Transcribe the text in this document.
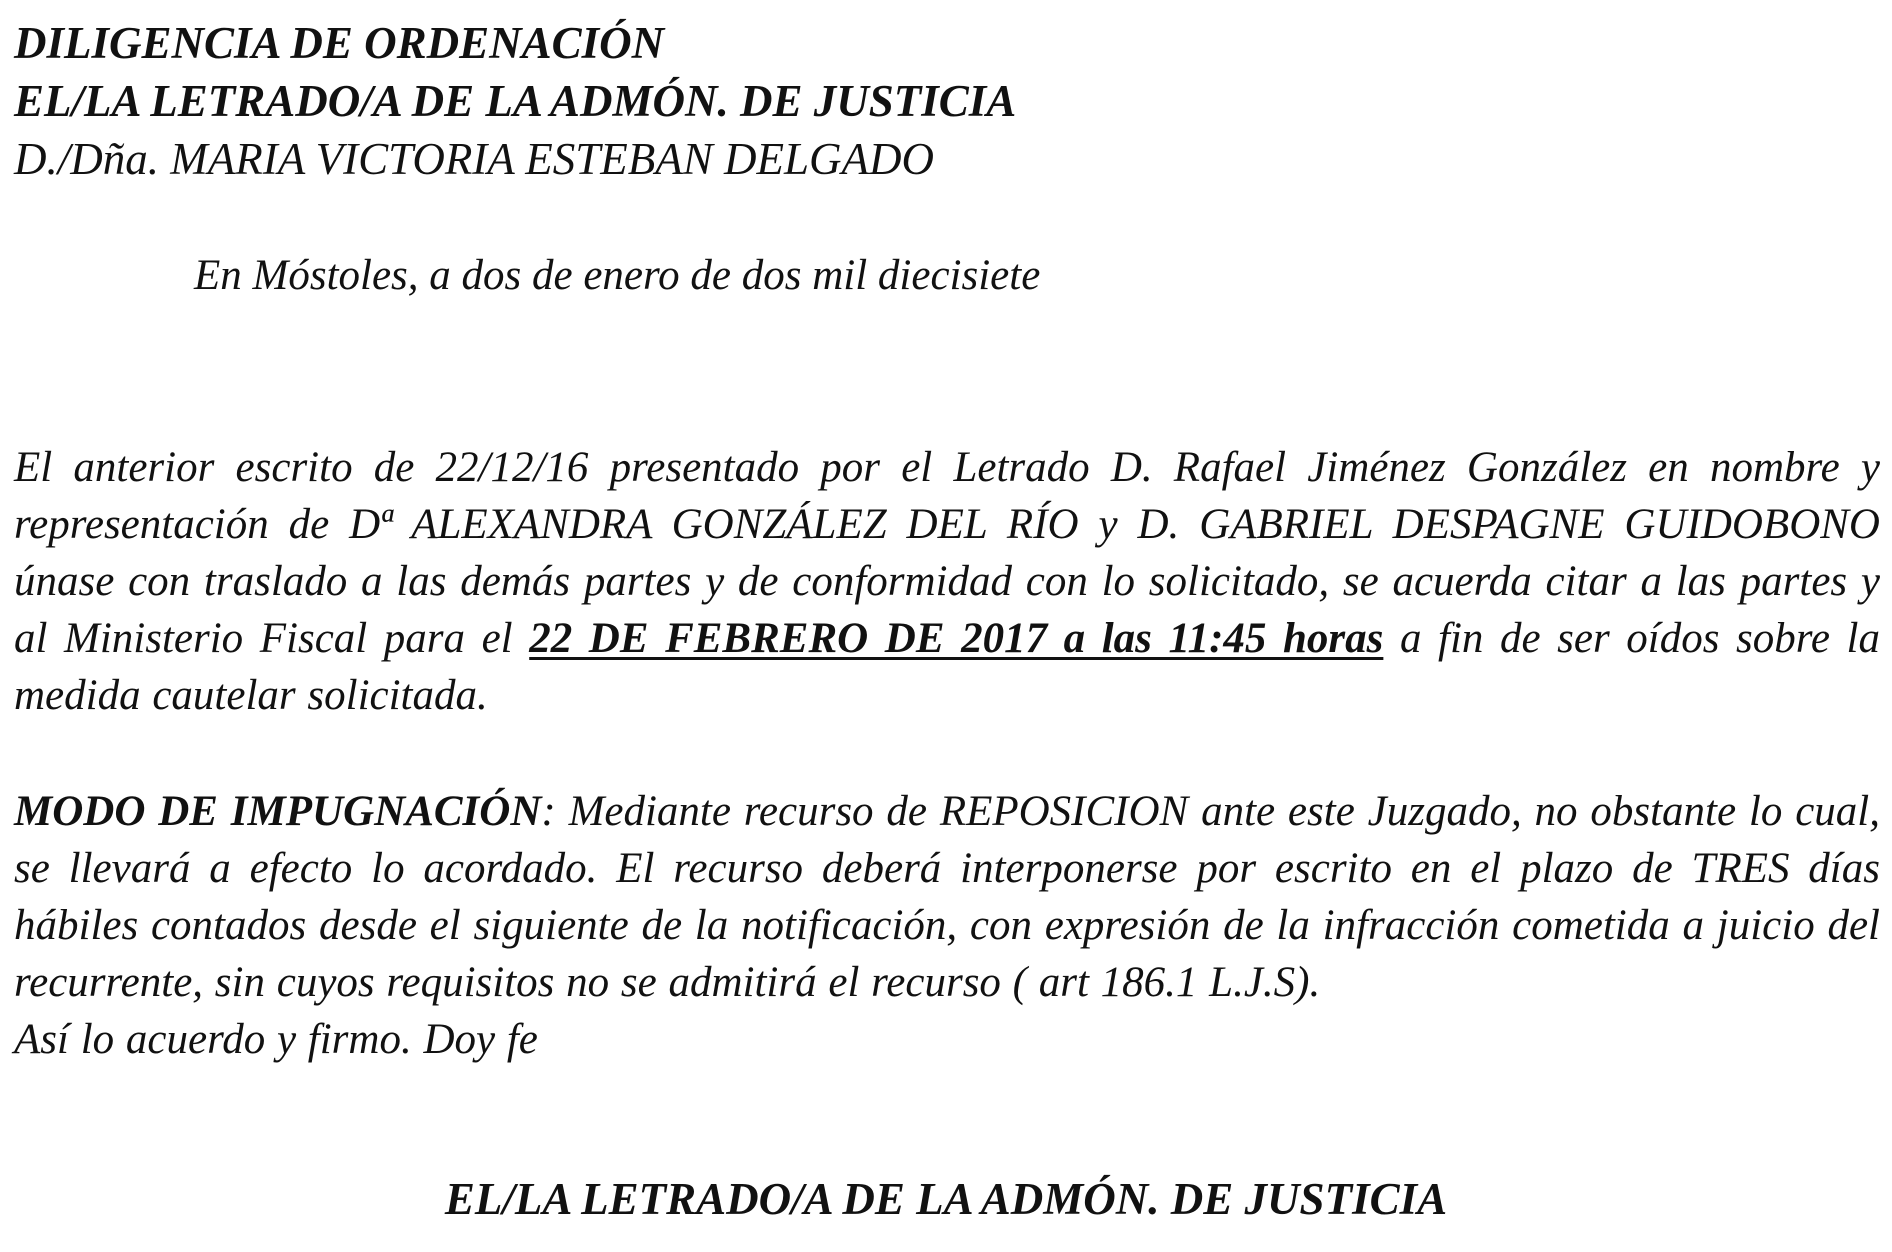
DILIGENCIA DE ORDENACIÓN
EL/LA LETRADO/A DE LA ADMÓN. DE JUSTICIA
D./Dña. MARIA VICTORIA ESTEBAN DELGADO
En Móstoles, a dos de enero de dos mil diecisiete
El anterior escrito de 22/12/16 presentado por el Letrado D. Rafael Jiménez González en nombre y representación de Dª ALEXANDRA GONZÁLEZ DEL RÍO y D. GABRIEL DESPAGNE GUIDOBONO únase con traslado a las demás partes y de conformidad con lo solicitado, se acuerda citar a las partes y al Ministerio Fiscal para el 22 DE FEBRERO DE 2017 a las 11:45 horas a fin de ser oídos sobre la medida cautelar solicitada.
MODO DE IMPUGNACIÓN: Mediante recurso de REPOSICION ante este Juzgado, no obstante lo cual, se llevará a efecto lo acordado. El recurso deberá interponerse por escrito en el plazo de TRES días hábiles contados desde el siguiente de la notificación, con expresión de la infracción cometida a juicio del recurrente, sin cuyos requisitos no se admitirá el recurso ( art 186.1 L.J.S).
Así lo acuerdo y firmo. Doy fe
EL/LA LETRADO/A DE LA ADMÓN. DE JUSTICIA
